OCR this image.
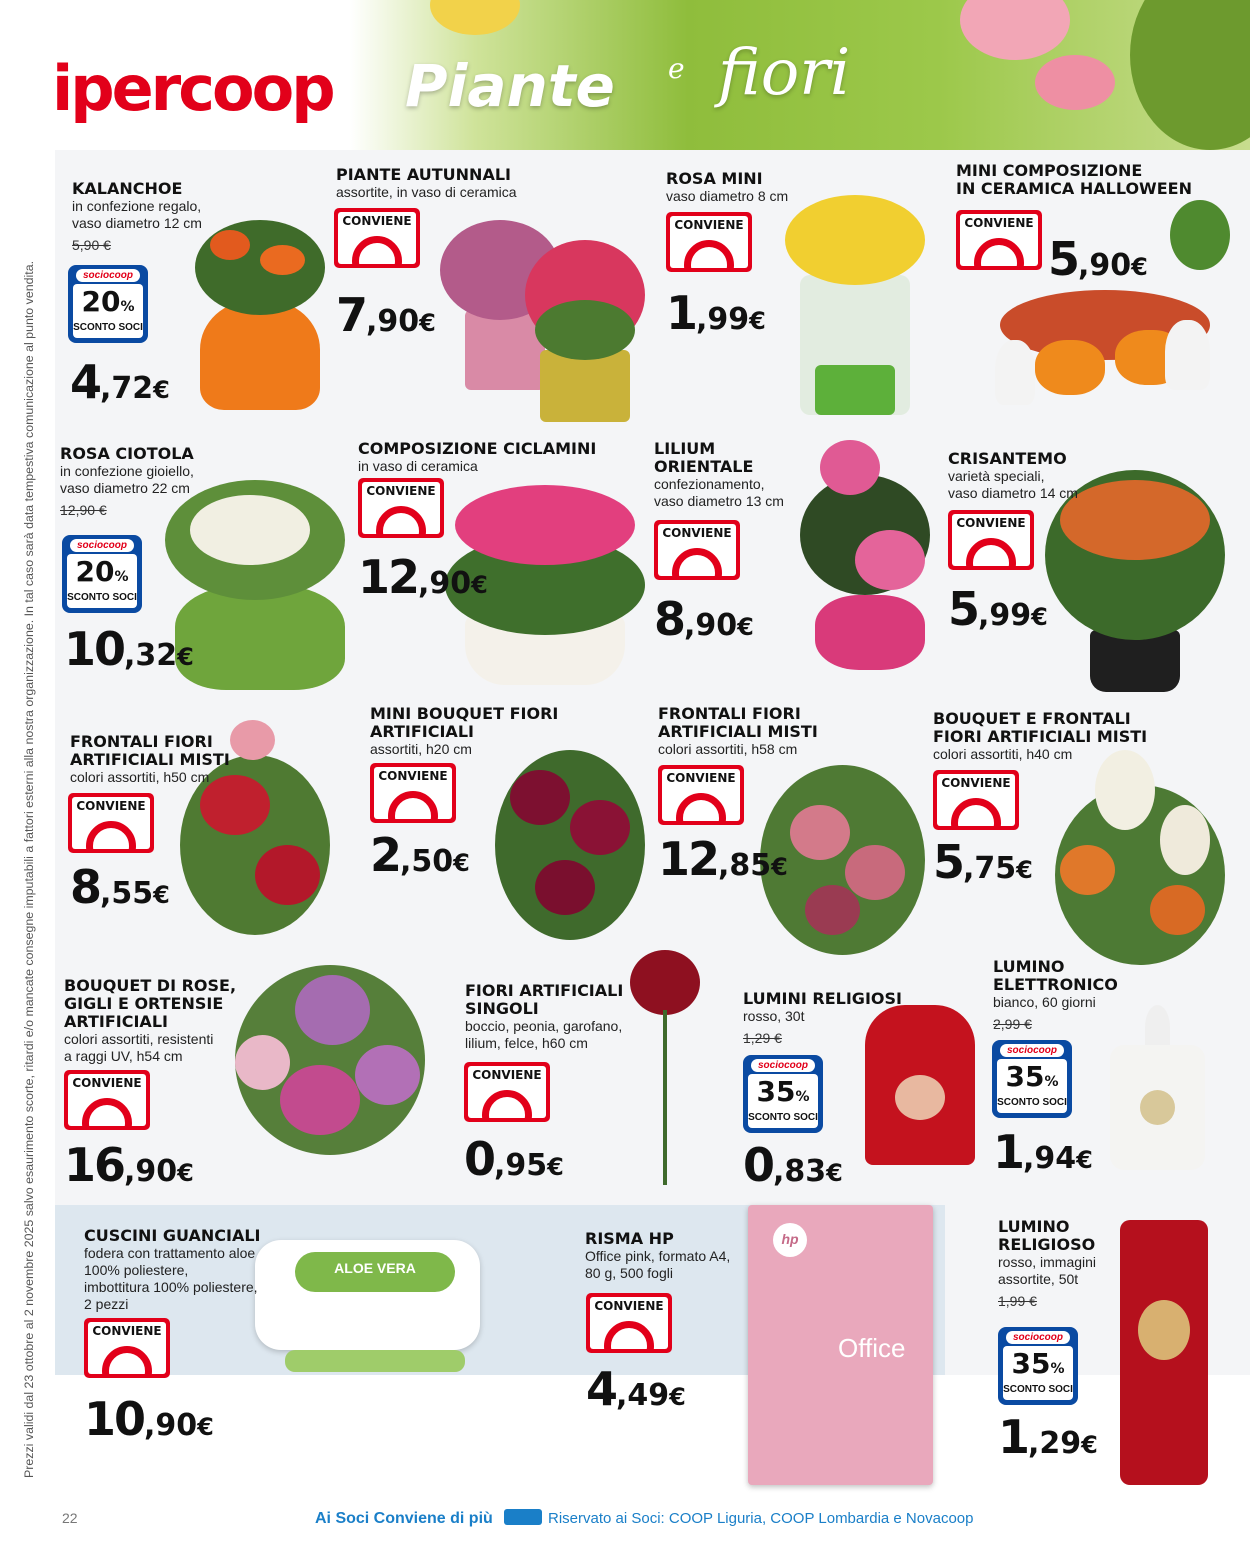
ipercoop Piante e fiori
Prezzi validi dal 23 ottobre al 2 novembre 2025 salvo esaurimento scorte, ritardi e/o mancate consegne imputabili a fattori esterni alla nostra organizzazione. In tal caso sarà data tempestiva comunicazione al punto vendita.
KALANCHOE
in confezione regalo,
vaso diametro 12 cm
5,90 €
sociocoop
20%
SCONTO SOCI
4,72€
PIANTE AUTUNNALI
assortite, in vaso di ceramica
CONVIENE
7,90€
ROSA MINI
vaso diametro 8 cm
CONVIENE
1,99€
MINI COMPOSIZIONE
IN CERAMICA HALLOWEEN
CONVIENE
5,90€
ROSA CIOTOLA
in confezione gioiello,
vaso diametro 22 cm
12,90 €
sociocoop
20%
SCONTO SOCI
10,32€
COMPOSIZIONE CICLAMINI
in vaso di ceramica
CONVIENE
12,90€
LILIUM
ORIENTALE
confezionamento,
vaso diametro 13 cm
CONVIENE
8,90€
CRISANTEMO
varietà speciali,
vaso diametro 14 cm
CONVIENE
5,99€
FRONTALI FIORI
ARTIFICIALI MISTI
colori assortiti, h50 cm
CONVIENE
8,55€
MINI BOUQUET FIORI
ARTIFICIALI
assortiti, h20 cm
CONVIENE
2,50€
FRONTALI FIORI
ARTIFICIALI MISTI
colori assortiti, h58 cm
CONVIENE
12,85€
BOUQUET E FRONTALI
FIORI ARTIFICIALI MISTI
colori assortiti, h40 cm
CONVIENE
5,75€
BOUQUET DI ROSE,
GIGLI E ORTENSIE
ARTIFICIALI
colori assortiti, resistenti
a raggi UV, h54 cm
CONVIENE
16,90€
FIORI ARTIFICIALI
SINGOLI
boccio, peonia, garofano,
lilium, felce, h60 cm
CONVIENE
0,95€
LUMINI RELIGIOSI
rosso, 30t
1,29 €
sociocoop
35%
SCONTO SOCI
0,83€
LUMINO
ELETTRONICO
bianco, 60 giorni
2,99 €
sociocoop
35%
SCONTO SOCI
1,94€
ALOE VERA
CUSCINI GUANCIALI
fodera con trattamento aloe
100% poliestere,
imbottitura 100% poliestere,
2 pezzi
CONVIENE
10,90€
hp
Office
RISMA HP
Office pink, formato A4,
80 g, 500 fogli
CONVIENE
4,49€
LUMINO
RELIGIOSO
rosso, immagini
assortite, 50t
1,99 €
sociocoop
35%
SCONTO SOCI
1,29€
22	Ai Soci Conviene di più	Riservato ai Soci: COOP Liguria, COOP Lombardia e Novacoop
